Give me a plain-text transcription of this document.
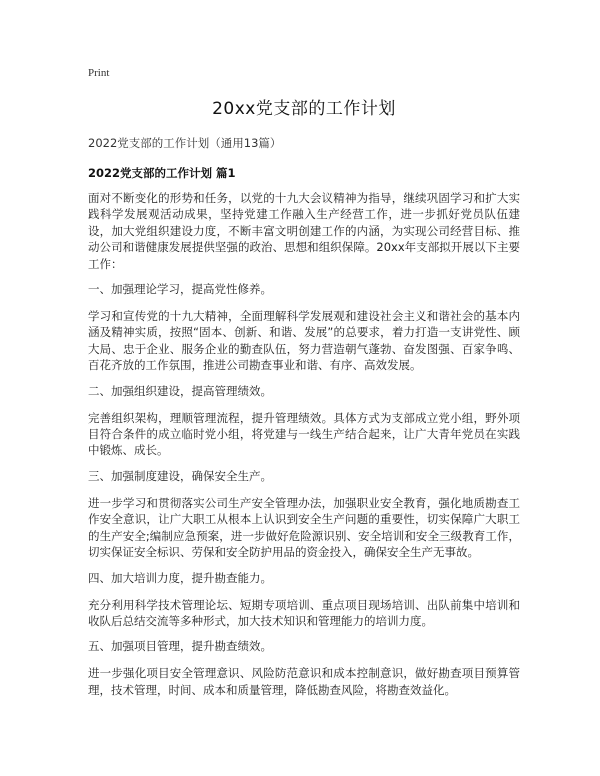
Print
20xx党支部的工作计划
2022党支部的工作计划（通用13篇）
2022党支部的工作计划 篇1

面对不断变化的形势和任务，以党的十九大会议精神为指导，继续巩固学习和扩大实践科学发展观活动成果，坚持党建工作融入生产经营工作，进一步抓好党员队伍建设，加大党组织建设力度，不断丰富文明创建工作的内涵，为实现公司经营目标、推动公司和谐健康发展提供坚强的政治、思想和组织保障。20xx年支部拟开展以下主要工作：

一、加强理论学习，提高党性修养。

学习和宣传党的十九大精神，全面理解科学发展观和建设社会主义和谐社会的基本内涵及精神实质，按照“固本、创新、和谐、发展”的总要求，着力打造一支讲党性、顾大局、忠于企业、服务企业的勤查队伍，努力营造朝气蓬勃、奋发图强、百家争鸣、百花齐放的工作氛围，推进公司勘查事业和谐、有序、高效发展。

二、加强组织建设，提高管理绩效。

完善组织架构，理顺管理流程，提升管理绩效。具体方式为支部成立党小组，野外项目符合条件的成立临时党小组，将党建与一线生产结合起来，让广大青年党员在实践中锻炼、成长。

三、加强制度建设，确保安全生产。

进一步学习和贯彻落实公司生产安全管理办法，加强职业安全教育，强化地质勘查工作安全意识，让广大职工从根本上认识到安全生产问题的重要性，切实保障广大职工的生产安全;编制应急预案，进一步做好危险源识别、安全培训和安全三级教育工作，切实保证安全标识、劳保和安全防护用品的资金投入，确保安全生产无事故。

四、加大培训力度，提升勘查能力。

充分利用科学技术管理论坛、短期专项培训、重点项目现场培训、出队前集中培训和收队后总结交流等多种形式，加大技术知识和管理能力的培训力度。

五、加强项目管理，提升勘查绩效。

进一步强化项目安全管理意识、风险防范意识和成本控制意识，做好勘查项目预算管理，技术管理，时间、成本和质量管理，降低勘查风险，将勘查效益化。
